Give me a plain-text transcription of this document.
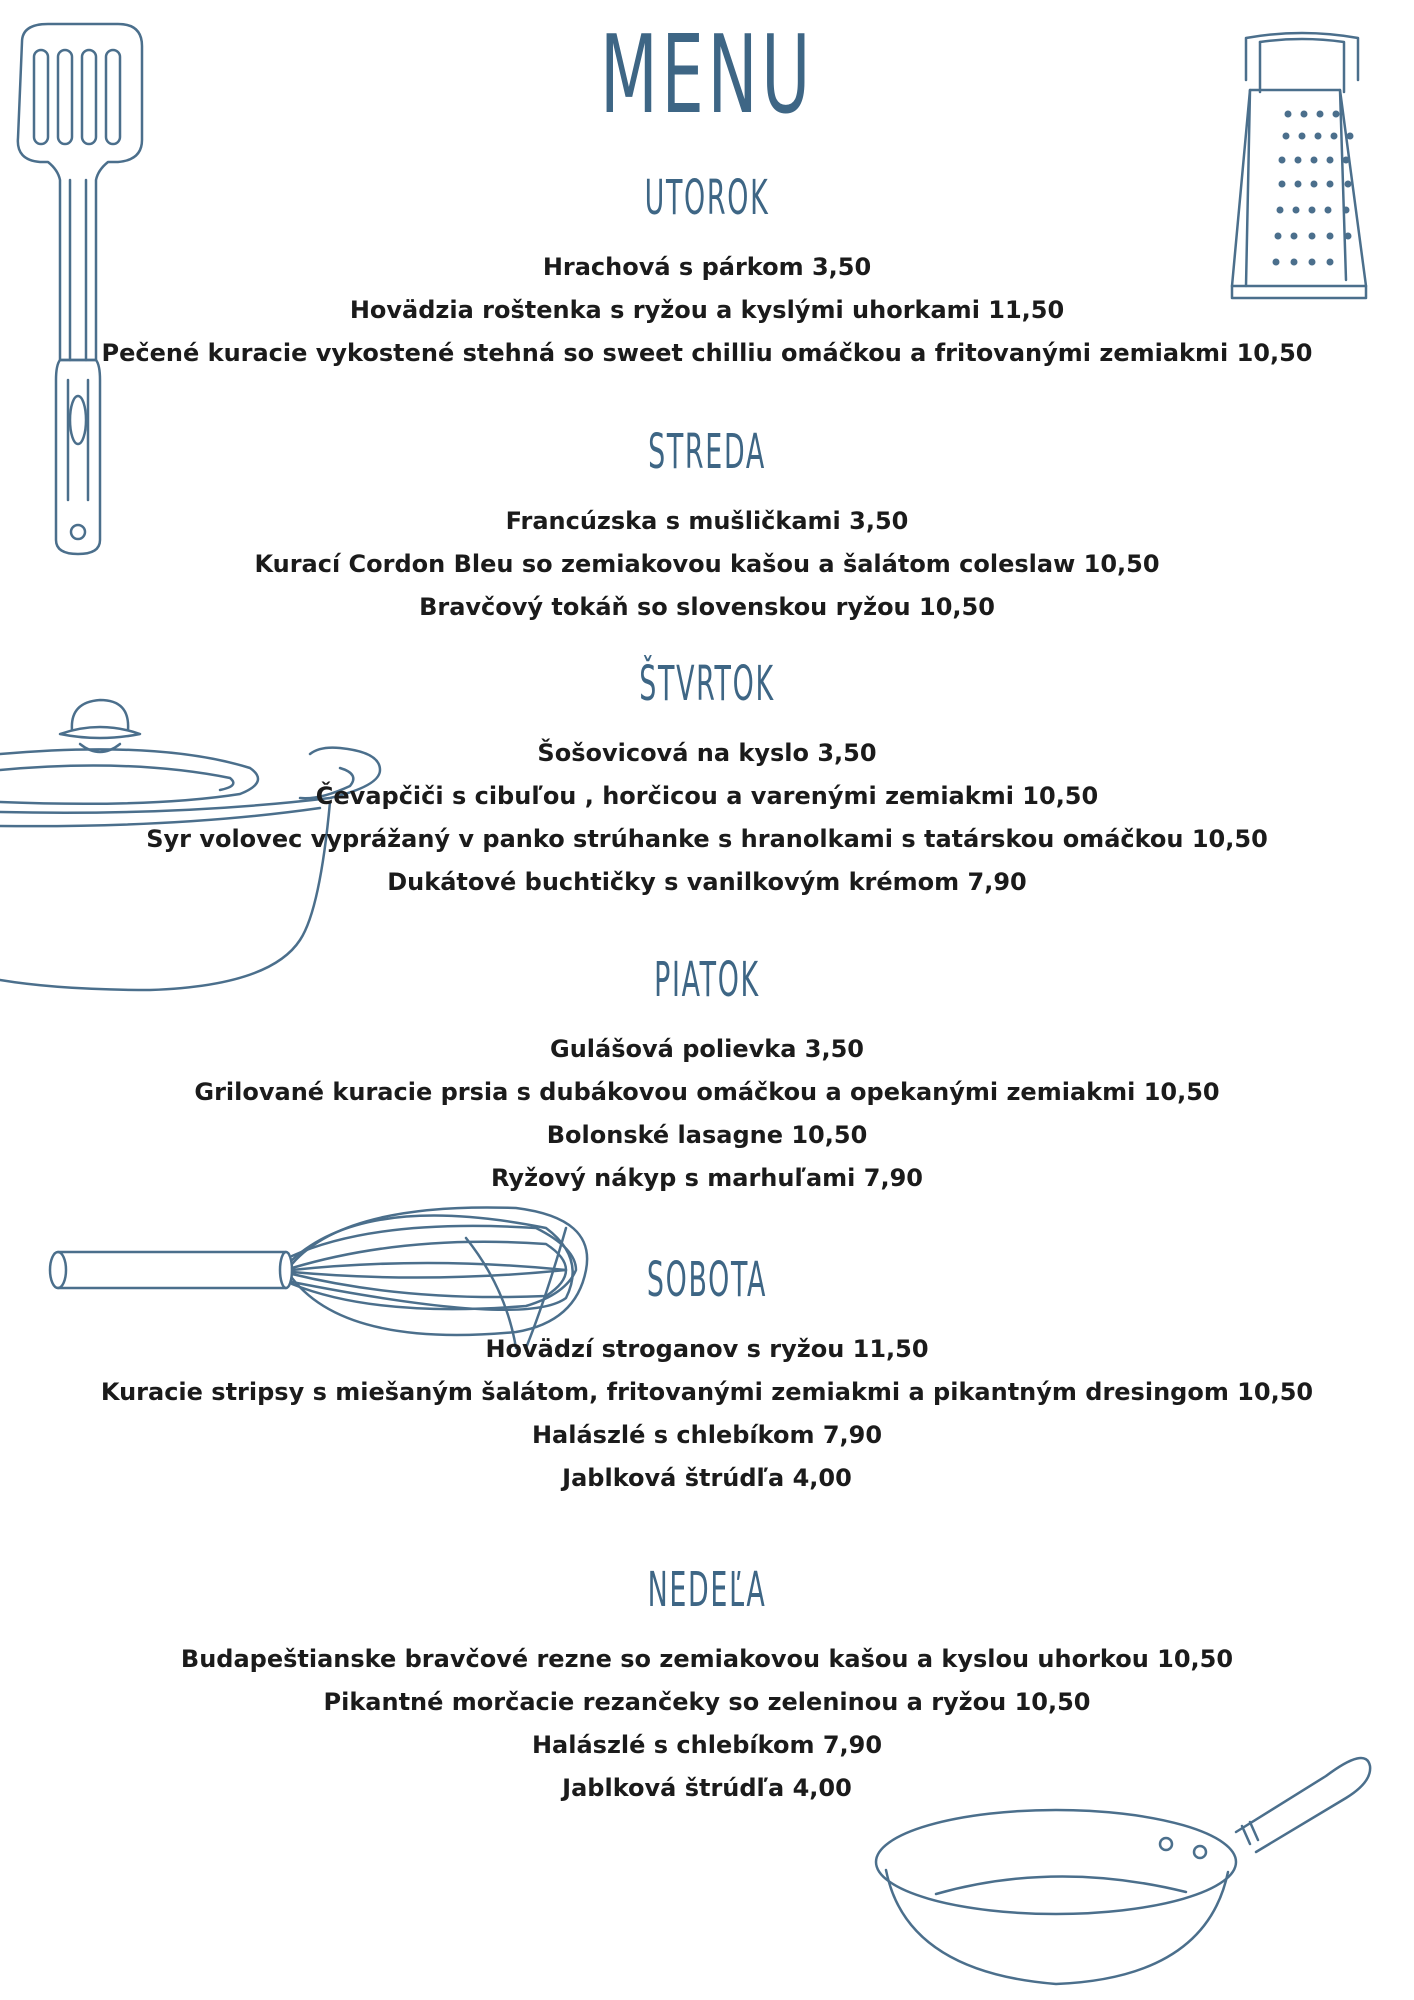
MENU
UTOROK
Hrachová s párkom 3,50
Hovädzia roštenka s ryžou a kyslými uhorkami 11,50
Pečené kuracie vykostené stehná so sweet chilliu omáčkou a fritovanými zemiakmi 10,50
STREDA
Francúzska s mušličkami 3,50
Kurací Cordon Bleu so zemiakovou kašou a šalátom coleslaw 10,50
Bravčový tokáň so slovenskou ryžou 10,50
ŠTVRTOK
Šošovicová na kyslo 3,50
Čevapčiči s cibuľou , horčicou a varenými zemiakmi 10,50
Syr volovec vyprážaný v panko strúhanke s hranolkami s tatárskou omáčkou 10,50
Dukátové buchtičky s vanilkovým krémom 7,90
PIATOK
Gulášová polievka 3,50
Grilované kuracie prsia s dubákovou omáčkou a opekanými zemiakmi 10,50
Bolonské lasagne 10,50
Ryžový nákyp s marhuľami 7,90
SOBOTA
Hovädzí stroganov s ryžou 11,50
Kuracie stripsy s miešaným šalátom, fritovanými zemiakmi a pikantným dresingom 10,50
Halászlé s chlebíkom 7,90
Jablková štrúdľa 4,00
NEDEĽA
Budapeštianske bravčové rezne so zemiakovou kašou a kyslou uhorkou 10,50
Pikantné morčacie rezančeky so zeleninou a ryžou 10,50
Halászlé s chlebíkom 7,90
Jablková štrúdľa 4,00
